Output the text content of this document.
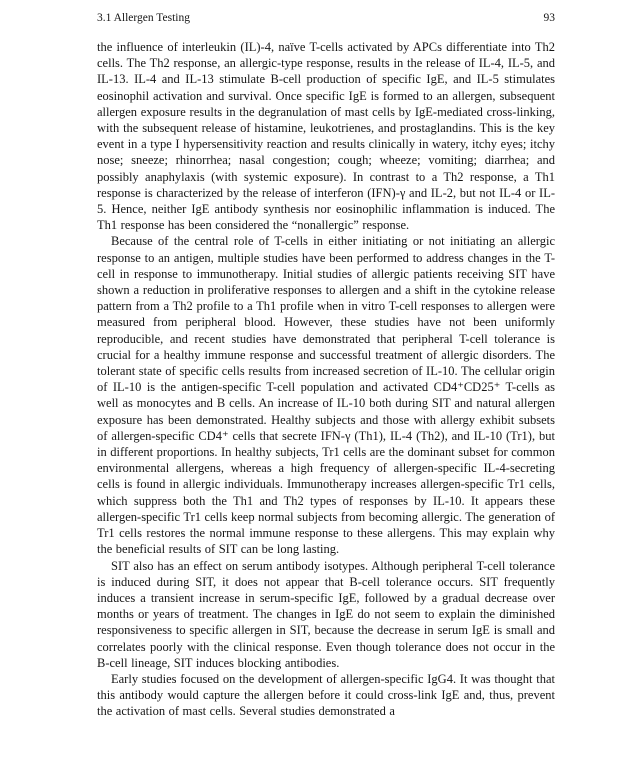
3.1 Allergen Testing	93

the influence of interleukin (IL)-4, naïve T-cells activated by APCs differentiate into Th2 cells. The Th2 response, an allergic-type response, results in the release of IL-4, IL-5, and IL-13. IL-4 and IL-13 stimulate B-cell production of specific IgE, and IL-5 stimulates eosinophil activation and survival. Once specific IgE is formed to an allergen, subsequent allergen exposure results in the degranulation of mast cells by IgE-mediated cross-linking, with the subsequent release of histamine, leukotrienes, and prostaglandins. This is the key event in a type I hypersensitivity reaction and results clinically in watery, itchy eyes; itchy nose; sneeze; rhinorrhea; nasal congestion; cough; wheeze; vomiting; diarrhea; and possibly anaphylaxis (with systemic exposure). In contrast to a Th2 response, a Th1 response is characterized by the release of interferon (IFN)-γ and IL-2, but not IL-4 or IL-5. Hence, neither IgE antibody synthesis nor eosinophilic inflammation is induced. The Th1 response has been considered the “nonallergic” response.

Because of the central role of T-cells in either initiating or not initiating an allergic response to an antigen, multiple studies have been performed to address changes in the T-cell in response to immunotherapy. Initial studies of allergic patients receiving SIT have shown a reduction in proliferative responses to allergen and a shift in the cytokine release pattern from a Th2 profile to a Th1 profile when in vitro T-cell responses to allergen were measured from peripheral blood. However, these studies have not been uniformly reproducible, and recent studies have demonstrated that peripheral T-cell tolerance is crucial for a healthy immune response and successful treatment of allergic disorders. The tolerant state of specific cells results from increased secretion of IL-10. The cellular origin of IL-10 is the antigen-specific T-cell population and activated CD4⁺CD25⁺ T-cells as well as monocytes and B cells. An increase of IL-10 both during SIT and natural allergen exposure has been demonstrated. Healthy subjects and those with allergy exhibit subsets of allergen-specific CD4⁺ cells that secrete IFN-γ (Th1), IL-4 (Th2), and IL-10 (Tr1), but in different proportions. In healthy subjects, Tr1 cells are the dominant subset for common environmental allergens, whereas a high frequency of allergen-specific IL-4-secreting cells is found in allergic individuals. Immunotherapy increases allergen-specific Tr1 cells, which suppress both the Th1 and Th2 types of responses by IL-10. It appears these allergen-specific Tr1 cells keep normal subjects from becoming allergic. The generation of Tr1 cells restores the normal immune response to these allergens. This may explain why the beneficial results of SIT can be long lasting.

SIT also has an effect on serum antibody isotypes. Although peripheral T-cell tolerance is induced during SIT, it does not appear that B-cell tolerance occurs. SIT frequently induces a transient increase in serum-specific IgE, followed by a gradual decrease over months or years of treatment. The changes in IgE do not seem to explain the diminished responsiveness to specific allergen in SIT, because the decrease in serum IgE is small and correlates poorly with the clinical response. Even though tolerance does not occur in the B-cell lineage, SIT induces blocking antibodies.

Early studies focused on the development of allergen-specific IgG4. It was thought that this antibody would capture the allergen before it could cross-link IgE and, thus, prevent the activation of mast cells. Several studies demonstrated a
